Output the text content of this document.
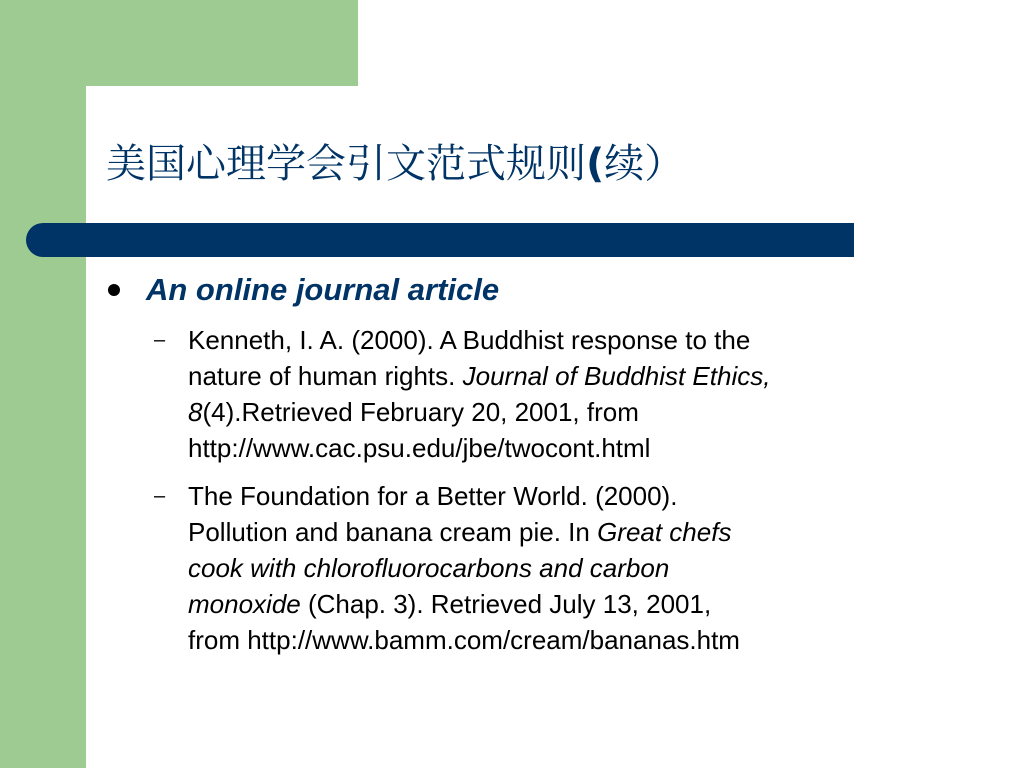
美国心理学会引文范式规则(续）
An online journal article
– Kenneth, I. A. (2000). A Buddhist response to the
nature of human rights. Journal of Buddhist Ethics,
8(4).Retrieved February 20, 2001, from
http://www.cac.psu.edu/jbe/twocont.html
– The Foundation for a Better World. (2000).
Pollution and banana cream pie. In Great chefs
cook with chlorofluorocarbons and carbon
monoxide (Chap. 3). Retrieved July 13, 2001,
from http://www.bamm.com/cream/bananas.htm
